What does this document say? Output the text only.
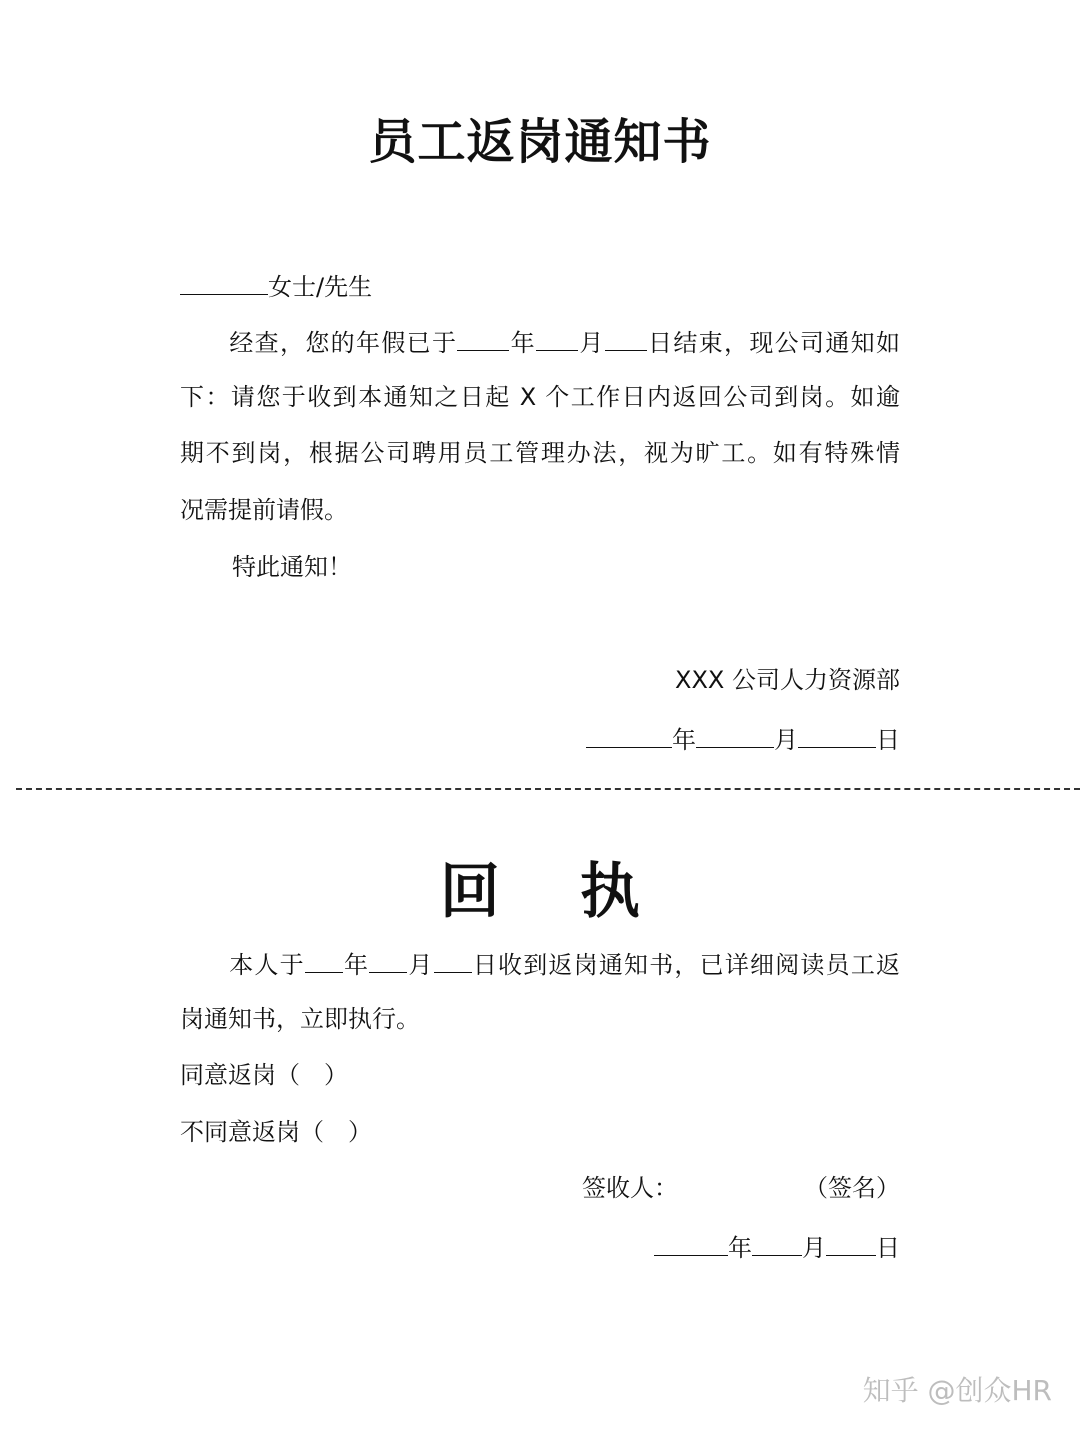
员工返岗通知书
女士/先生
经查，您的年假已于 年 月 日结束，现公司通知如
下：请您于收到本通知之日起 X 个工作日内返回公司到岗。如逾
期不到岗，根据公司聘用员工管理办法，视为旷工。如有特殊情
况需提前请假。
特此通知！
XXX 公司人力资源部
年	月	日
回 执
本人于 年 月 日收到返岗通知书，已详细阅读员工返
岗通知书，立即执行。
同意返岗（　）
不同意返岗（　）
签收人：	（签名）
年 月 日
知乎 @创众HR
